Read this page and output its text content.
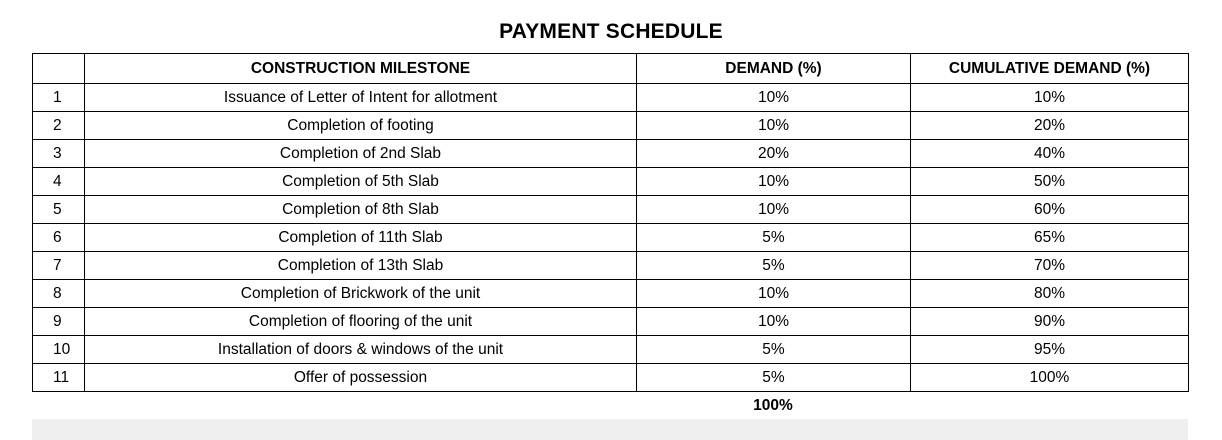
PAYMENT SCHEDULE
	CONSTRUCTION MILESTONE	DEMAND (%)	CUMULATIVE DEMAND (%)
1	Issuance of Letter of Intent for allotment	10%	10%
2	Completion of footing	10%	20%
3	Completion of 2nd Slab	20%	40%
4	Completion of 5th Slab	10%	50%
5	Completion of 8th Slab	10%	60%
6	Completion of 11th Slab	5%	65%
7	Completion of 13th Slab	5%	70%
8	Completion of Brickwork of the unit	10%	80%
9	Completion of flooring of the unit	10%	90%
10	Installation of doors & windows of the unit	5%	95%
11	Offer of possession	5%	100%
100%
